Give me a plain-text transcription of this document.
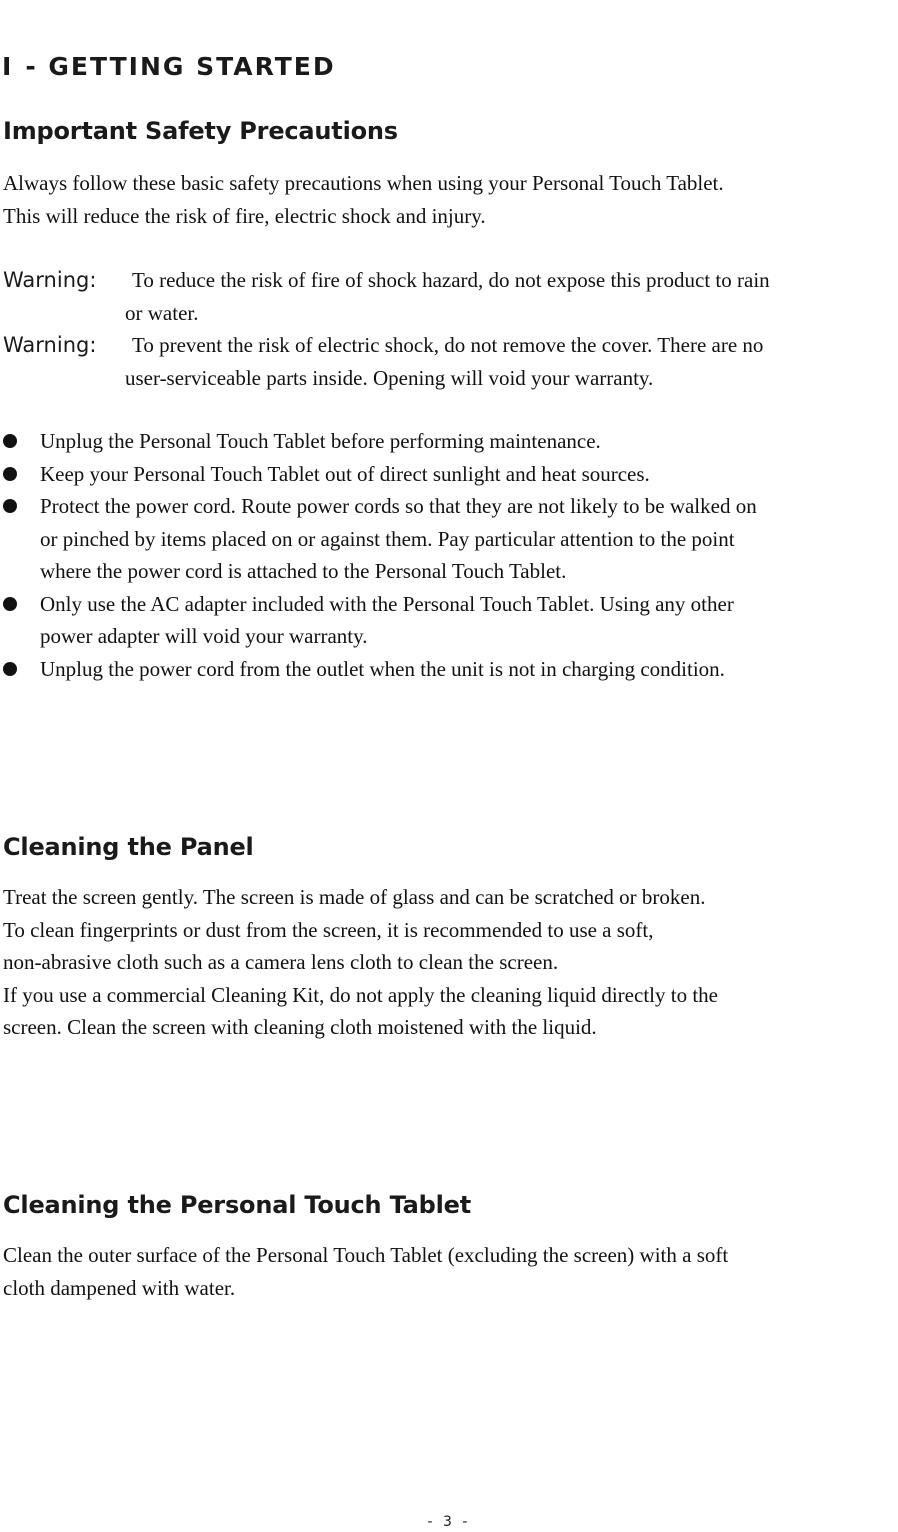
I - GETTING STARTED
Important Safety Precautions
Always follow these basic safety precautions when using your Personal Touch Tablet.
This will reduce the risk of fire, electric shock and injury.
Warning:	To reduce the risk of fire of shock hazard, do not expose this product to rain
or water.
Warning:	To prevent the risk of electric shock, do not remove the cover. There are no
user-serviceable parts inside. Opening will void your warranty.
Unplug the Personal Touch Tablet before performing maintenance.
Keep your Personal Touch Tablet out of direct sunlight and heat sources.
Protect the power cord. Route power cords so that they are not likely to be walked on
or pinched by items placed on or against them. Pay particular attention to the point
where the power cord is attached to the Personal Touch Tablet.
Only use the AC adapter included with the Personal Touch Tablet. Using any other
power adapter will void your warranty.
Unplug the power cord from the outlet when the unit is not in charging condition.
Cleaning the Panel
Treat the screen gently. The screen is made of glass and can be scratched or broken.
To clean fingerprints or dust from the screen, it is recommended to use a soft,
non-abrasive cloth such as a camera lens cloth to clean the screen.
If you use a commercial Cleaning Kit, do not apply the cleaning liquid directly to the
screen. Clean the screen with cleaning cloth moistened with the liquid.
Cleaning the Personal Touch Tablet
Clean the outer surface of the Personal Touch Tablet (excluding the screen) with a soft
cloth dampened with water.
- 3 -
